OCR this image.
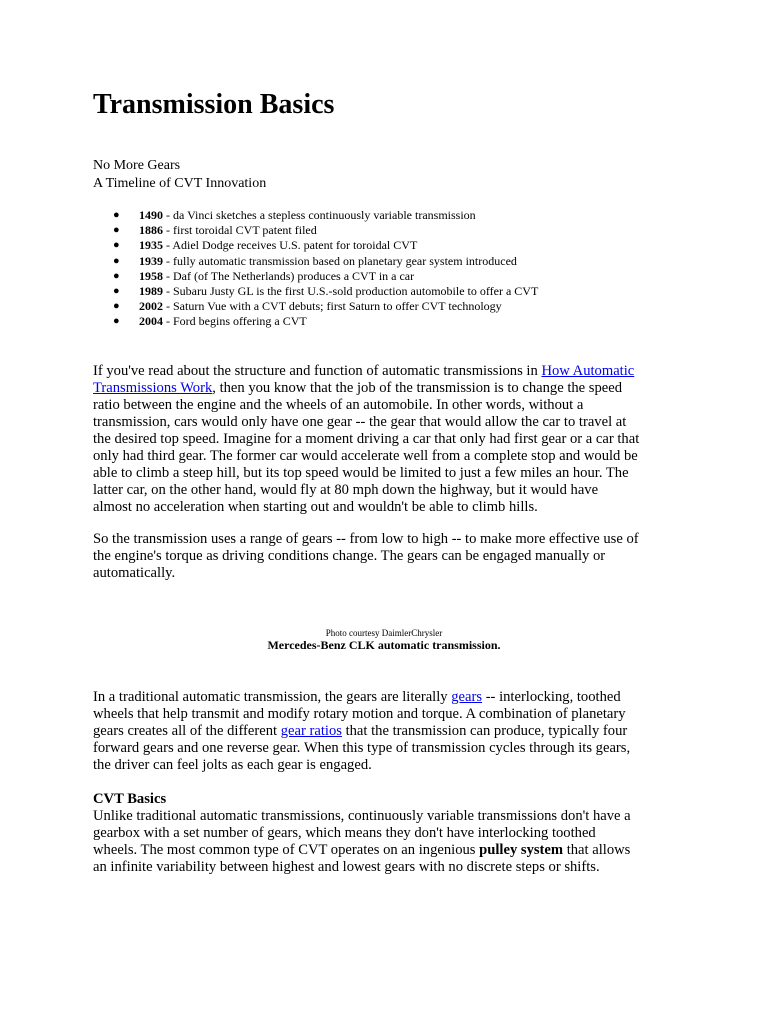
Transmission Basics
No More Gears
A Timeline of CVT Innovation
● 1490 - da Vinci sketches a stepless continuously variable transmission
● 1886 - first toroidal CVT patent filed
● 1935 - Adiel Dodge receives U.S. patent for toroidal CVT
● 1939 - fully automatic transmission based on planetary gear system introduced
● 1958 - Daf (of The Netherlands) produces a CVT in a car
● 1989 - Subaru Justy GL is the first U.S.-sold production automobile to offer a CVT
● 2002 - Saturn Vue with a CVT debuts; first Saturn to offer CVT technology
● 2004 - Ford begins offering a CVT

If you've read about the structure and function of automatic transmissions in How Automatic
Transmissions Work, then you know that the job of the transmission is to change the speed
ratio between the engine and the wheels of an automobile. In other words, without a
transmission, cars would only have one gear -- the gear that would allow the car to travel at
the desired top speed. Imagine for a moment driving a car that only had first gear or a car that
only had third gear. The former car would accelerate well from a complete stop and would be
able to climb a steep hill, but its top speed would be limited to just a few miles an hour. The
latter car, on the other hand, would fly at 80 mph down the highway, but it would have
almost no acceleration when starting out and wouldn't be able to climb hills.

So the transmission uses a range of gears -- from low to high -- to make more effective use of
the engine's torque as driving conditions change. The gears can be engaged manually or
automatically.

Photo courtesy DaimlerChrysler
Mercedes-Benz CLK automatic transmission.

In a traditional automatic transmission, the gears are literally gears -- interlocking, toothed
wheels that help transmit and modify rotary motion and torque. A combination of planetary
gears creates all of the different gear ratios that the transmission can produce, typically four
forward gears and one reverse gear. When this type of transmission cycles through its gears,
the driver can feel jolts as each gear is engaged.

CVT Basics

Unlike traditional automatic transmissions, continuously variable transmissions don't have a
gearbox with a set number of gears, which means they don't have interlocking toothed
wheels. The most common type of CVT operates on an ingenious pulley system that allows
an infinite variability between highest and lowest gears with no discrete steps or shifts.
